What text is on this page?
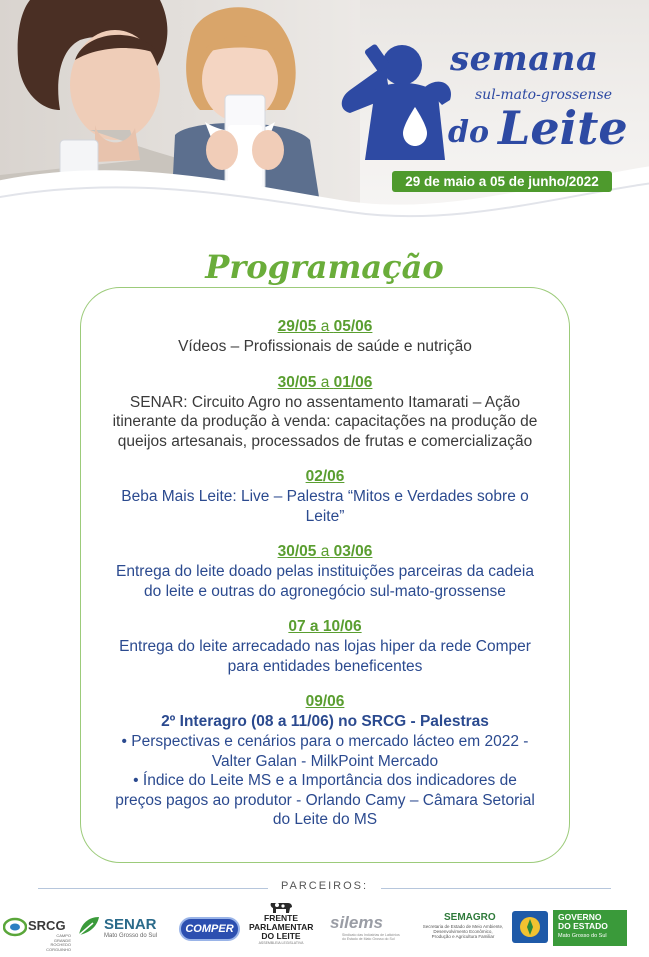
semana
sul-mato-grossense
do Leite
29 de maio a 05 de junho/2022
Programação
29/05 a 05/06
Vídeos – Profissionais de saúde e nutrição
30/05 a 01/06
SENAR: Circuito Agro no assentamento Itamarati – Ação
itinerante da produção à venda: capacitações na produção de
queijos artesanais, processados de frutas e comercialização
02/06
Beba Mais Leite: Live – Palestra “Mitos e Verdades sobre o
Leite”
30/05 a 03/06
Entrega do leite doado pelas instituições parceiras da cadeia
do leite e outras do agronegócio sul-mato-grossense
07 a 10/06
Entrega do leite arrecadado nas lojas hiper da rede Comper
para entidades beneficentes
09/06
2º Interagro (08 a 11/06) no SRCG - Palestras
• Perspectivas e cenários para o mercado lácteo em 2022 -
Valter Galan - MilkPoint Mercado
• Índice do Leite MS e a Importância dos indicadores de
preços pagos ao produtor - Orlando Camy – Câmara Setorial
do Leite do MS
PARCEIROS:
SRCG
CAMPO GRANDE
ROCHEDO
CORGUINHO
SENAR
Mato Grosso do Sul
COMPER
FRENTE
PARLAMENTAR
DO LEITE
ASSEMBLEIA LEGISLATIVA
silems
Sindicato das Indústrias de Laticínios do Estado de Mato Grosso do Sul
SEMAGRO
Secretaria de Estado de Meio Ambiente,
Desenvolvimento Econômico,
Produção e Agricultura Familiar
GOVERNO
DO ESTADO
Mato Grosso do Sul
